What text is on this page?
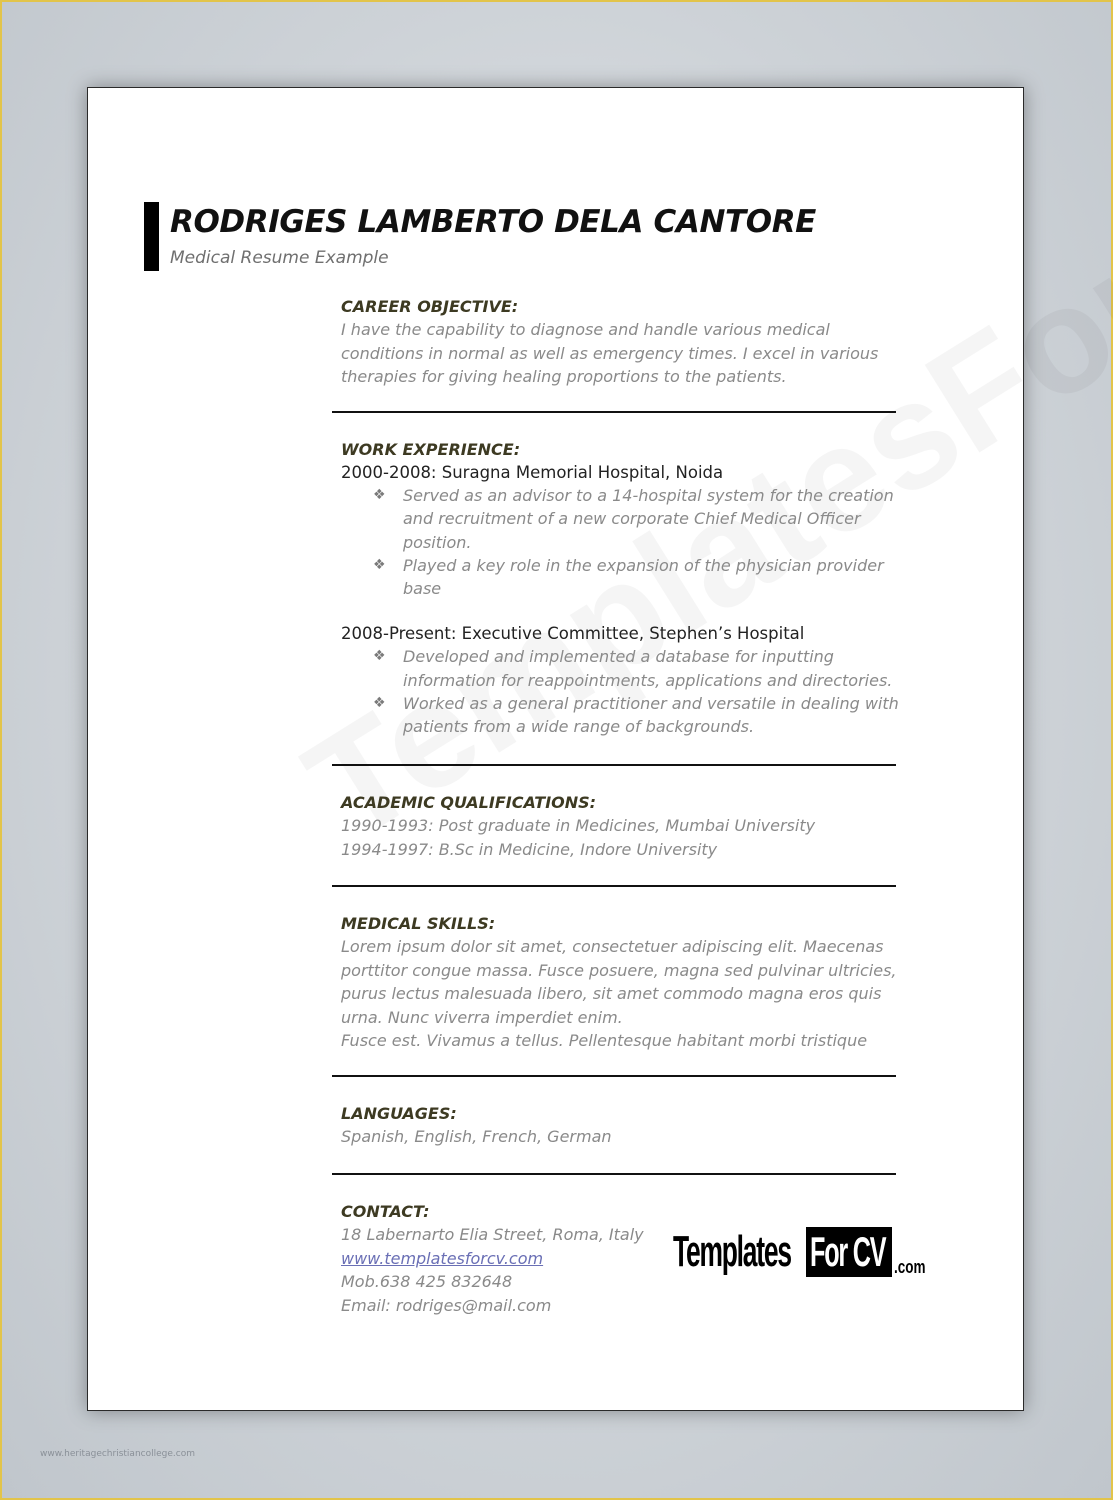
RODRIGES LAMBERTO DELA CANTORE
Medical Resume Example
CAREER OBJECTIVE:
I have the capability to diagnose and handle various medical
conditions in normal as well as emergency times. I excel in various
therapies for giving healing proportions to the patients.
WORK EXPERIENCE:
2000-2008: Suragna Memorial Hospital, Noida
❖ Served as an advisor to a 14-hospital system for the creation
and recruitment of a new corporate Chief Medical Officer
position.
❖ Played a key role in the expansion of the physician provider
base
2008-Present: Executive Committee, Stephen’s Hospital
❖ Developed and implemented a database for inputting
information for reappointments, applications and directories.
❖ Worked as a general practitioner and versatile in dealing with
patients from a wide range of backgrounds.
ACADEMIC QUALIFICATIONS:
1990-1993: Post graduate in Medicines, Mumbai University
1994-1997: B.Sc in Medicine, Indore University
MEDICAL SKILLS:
Lorem ipsum dolor sit amet, consectetuer adipiscing elit. Maecenas
porttitor congue massa. Fusce posuere, magna sed pulvinar ultricies,
purus lectus malesuada libero, sit amet commodo magna eros quis
urna. Nunc viverra imperdiet enim.
Fusce est. Vivamus a tellus. Pellentesque habitant morbi tristique
LANGUAGES:
Spanish, English, French, German
CONTACT:
18 Labernarto Elia Street, Roma, Italy
www.templatesforcv.com
Mob.638 425 832648
Email: rodriges@mail.com
Templates For CV .com
www.heritagechristiancollege.com
